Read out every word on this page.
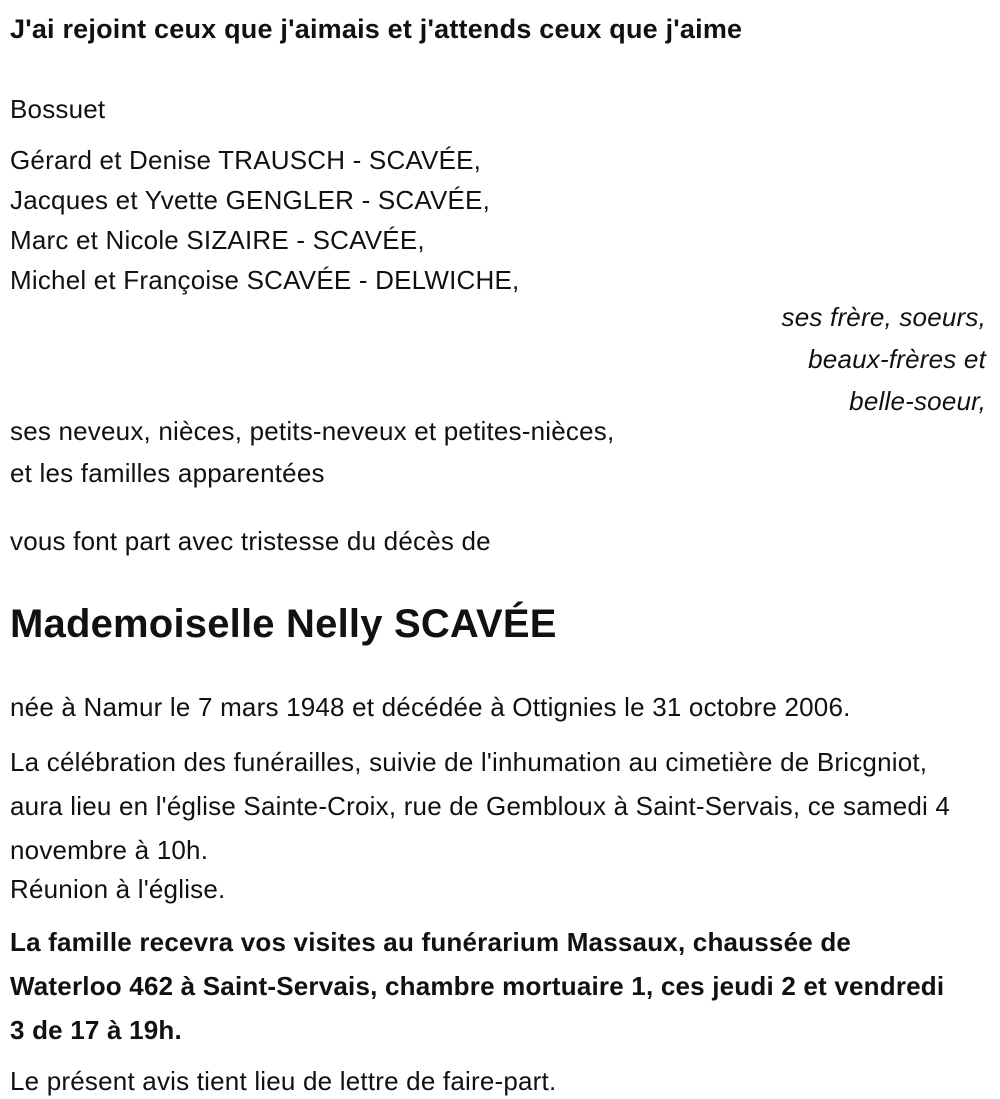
J'ai rejoint ceux que j'aimais et j'attends ceux que j'aime
Bossuet
Gérard et Denise TRAUSCH - SCAVÉE,
Jacques et Yvette GENGLER - SCAVÉE,
Marc et Nicole SIZAIRE - SCAVÉE,
Michel et Françoise SCAVÉE - DELWICHE,
ses frère, soeurs,
beaux-frères et
belle-soeur,
ses neveux, nièces, petits-neveux et petites-nièces,
et les familles apparentées
vous font part avec tristesse du décès de
Mademoiselle Nelly SCAVÉE
née à Namur le 7 mars 1948 et décédée à Ottignies le 31 octobre 2006.
La célébration des funérailles, suivie de l'inhumation au cimetière de Bricgniot, aura lieu en l'église Sainte-Croix, rue de Gembloux à Saint-Servais, ce samedi 4 novembre à 10h.
Réunion à l'église.
La famille recevra vos visites au funérarium Massaux, chaussée de Waterloo 462 à Saint-Servais, chambre mortuaire 1, ces jeudi 2 et vendredi 3 de 17 à 19h.
Le présent avis tient lieu de lettre de faire-part.
